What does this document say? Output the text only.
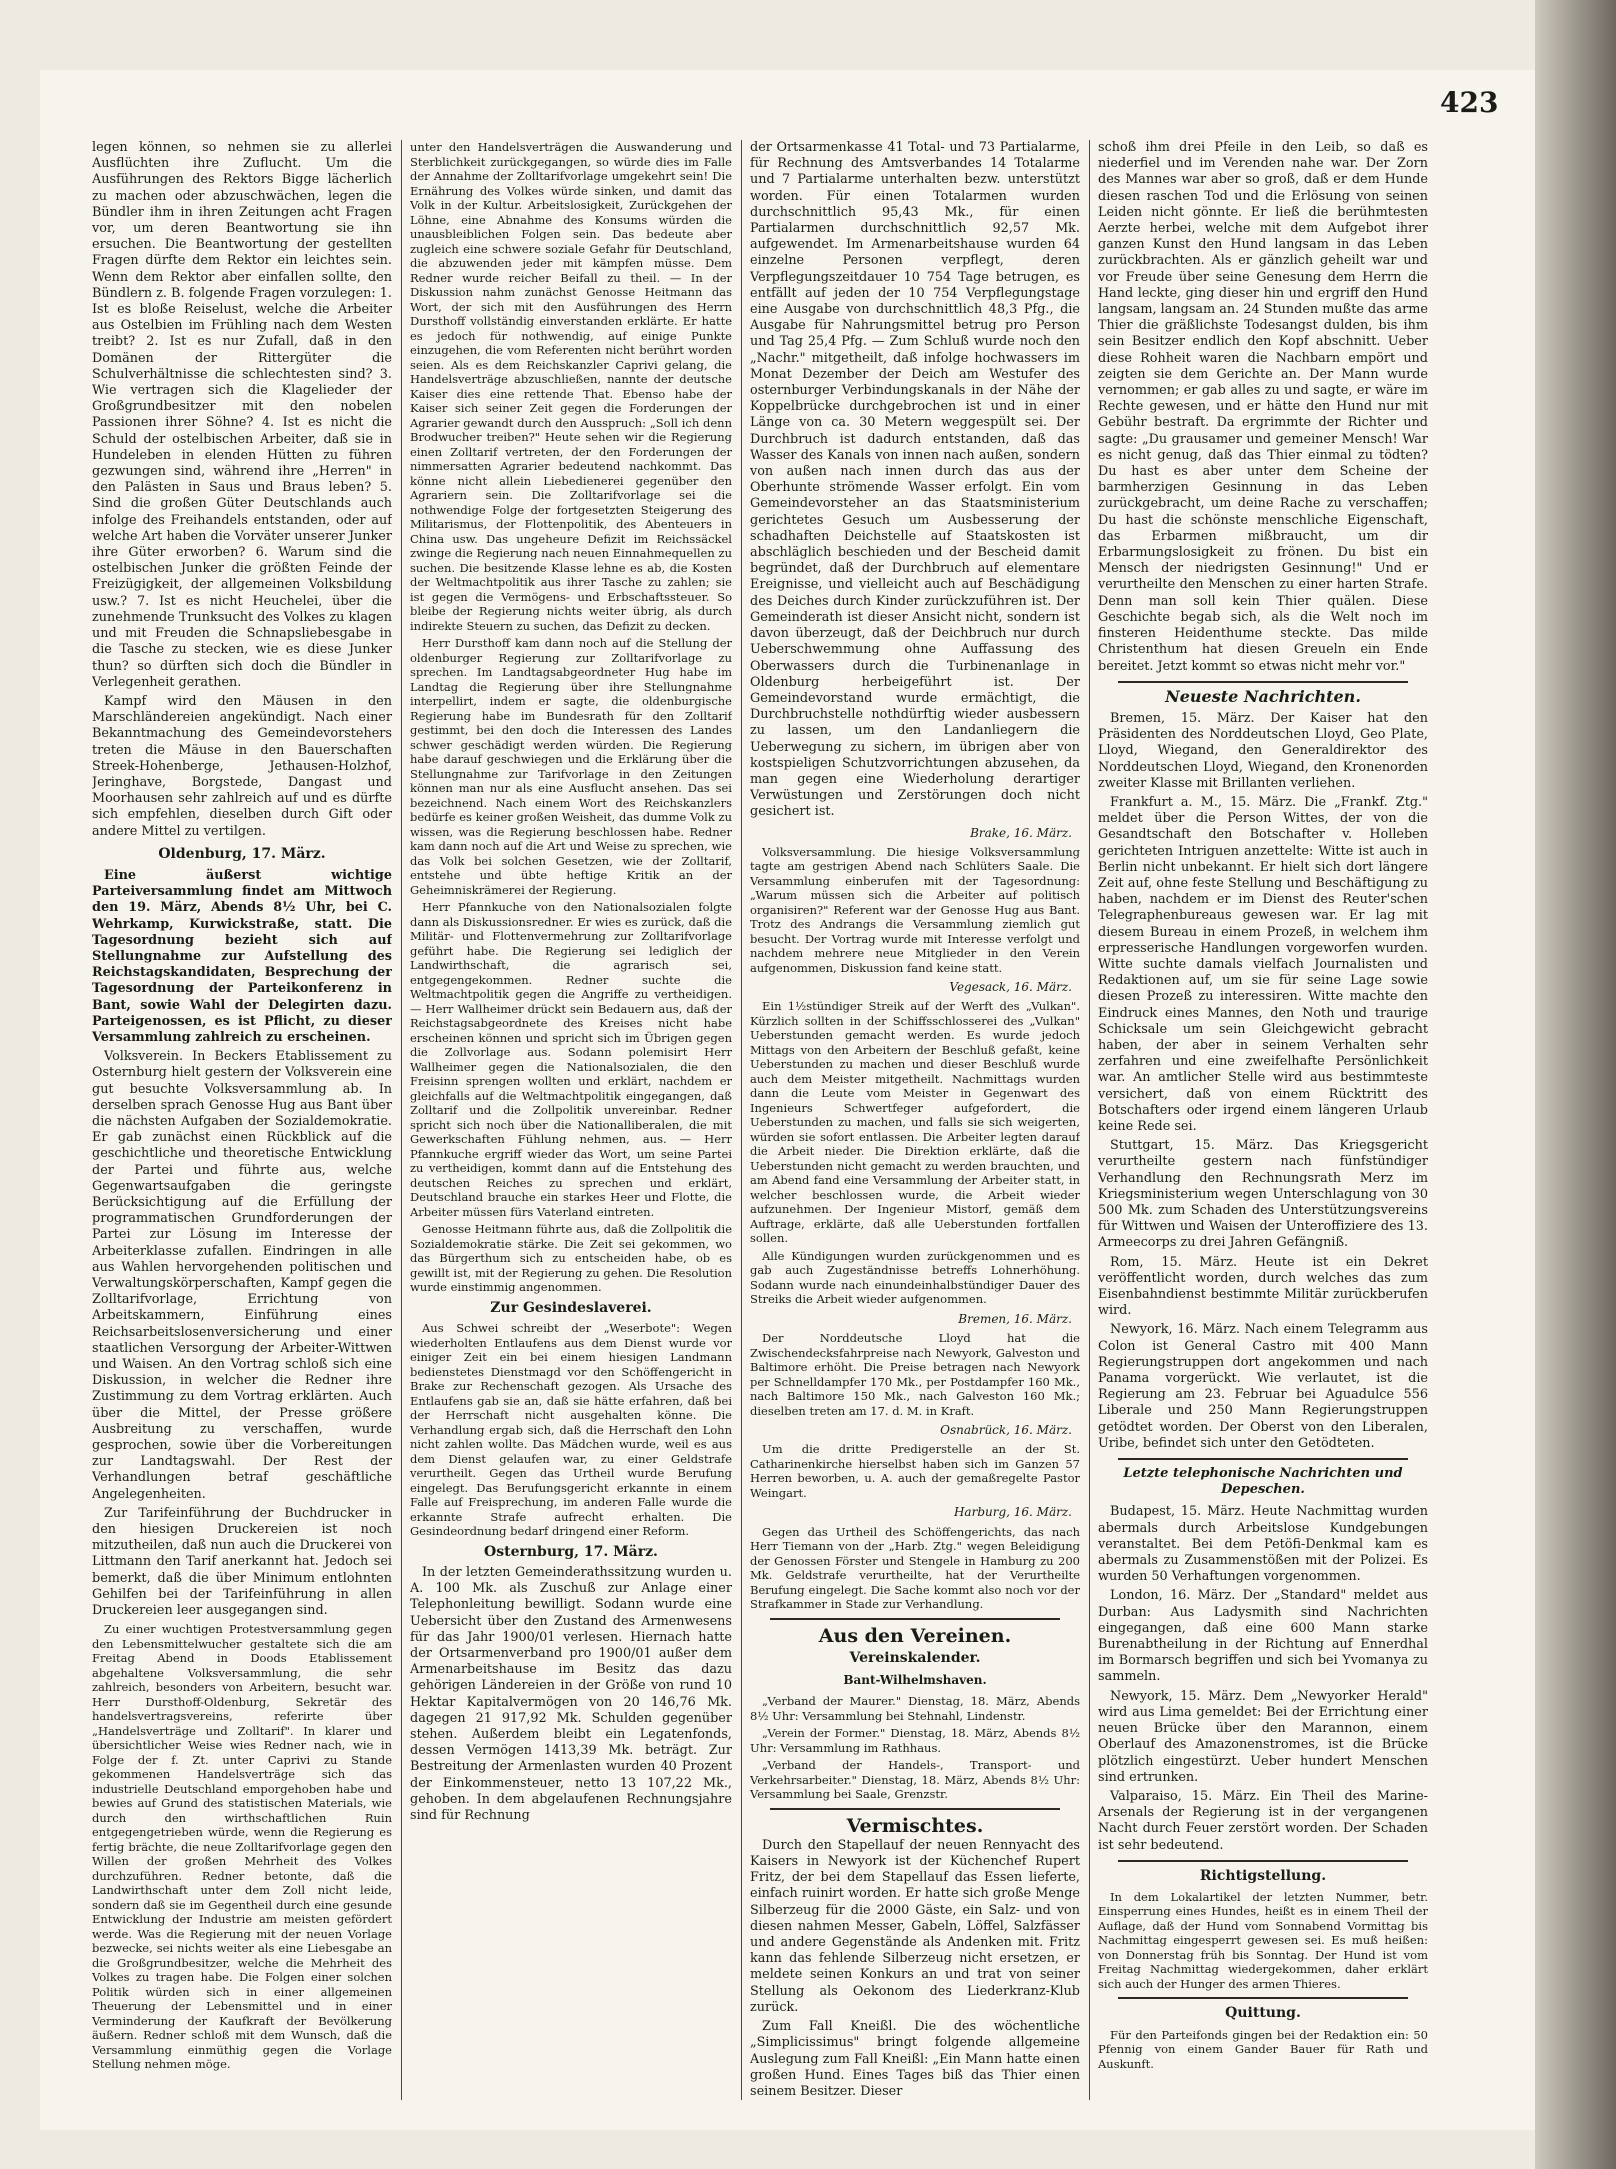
423

legen können, so nehmen sie zu allerlei Ausflüchten ihre Zuflucht. Um die Ausführungen des Rektors Bigge lächerlich zu machen oder abzuschwächen, legen die Bündler ihm in ihren Zeitungen acht Fragen vor, um deren Beantwortung sie ihn ersuchen. Die Beantwortung der gestellten Fragen dürfte dem Rektor ein leichtes sein. Wenn dem Rektor aber einfallen sollte, den Bündlern z. B. folgende Fragen vorzulegen: 1. Ist es bloße Reiselust, welche die Arbeiter aus Ostelbien im Frühling nach dem Westen treibt? 2. Ist es nur Zufall, daß in den Domänen der Rittergüter die Schulverhältnisse die schlechtesten sind? 3. Wie vertragen sich die Klagelieder der Großgrundbesitzer mit den nobelen Passionen ihrer Söhne? 4. Ist es nicht die Schuld der ostelbischen Arbeiter, daß sie in Hundeleben in elenden Hütten zu führen gezwungen sind, während ihre „Herren" in den Palästen in Saus und Braus leben? 5. Sind die großen Güter Deutschlands auch infolge des Freihandels entstanden, oder auf welche Art haben die Vorväter unserer Junker ihre Güter erworben? 6. Warum sind die ostelbischen Junker die größten Feinde der Freizügigkeit, der allgemeinen Volksbildung usw.? 7. Ist es nicht Heuchelei, über die zunehmende Trunksucht des Volkes zu klagen und mit Freuden die Schnapsliebesgabe in die Tasche zu stecken, wie es diese Junker thun? so dürften sich doch die Bündler in Verlegenheit gerathen.

Kampf wird den Mäusen in den Marschländereien angekündigt. Nach einer Bekanntmachung des Gemeindevorstehers treten die Mäuse in den Bauerschaften Streek-Hohenberge, Jethausen-Holzhof, Jeringhave, Borgstede, Dangast und Moorhausen sehr zahlreich auf und es dürfte sich empfehlen, dieselben durch Gift oder andere Mittel zu vertilgen.

Oldenburg, 17. März.

Eine äußerst wichtige Parteiversammlung findet am Mittwoch den 19. März, Abends 8½ Uhr, bei C. Wehrkamp, Kurwickstraße, statt. Die Tagesordnung bezieht sich auf Stellungnahme zur Aufstellung des Reichstagskandidaten, Besprechung der Tagesordnung der Parteikonferenz in Bant, sowie Wahl der Delegirten dazu. Parteigenossen, es ist Pflicht, zu dieser Versammlung zahlreich zu erscheinen.

Volksverein. In Beckers Etablissement zu Osternburg hielt gestern der Volksverein eine gut besuchte Volksversammlung ab. In derselben sprach Genosse Hug aus Bant über die nächsten Aufgaben der Sozialdemokratie. Er gab zunächst einen Rückblick auf die geschichtliche und theoretische Entwicklung der Partei und führte aus, welche Gegenwartsaufgaben die geringste Berücksichtigung auf die Erfüllung der programmatischen Grundforderungen der Partei zur Lösung im Interesse der Arbeiterklasse zufallen. Eindringen in alle aus Wahlen hervorgehenden politischen und Verwaltungskörperschaften, Kampf gegen die Zolltarifvorlage, Errichtung von Arbeitskammern, Einführung eines Reichsarbeitslosenversicherung und einer staatlichen Versorgung der Arbeiter-Wittwen und Waisen. An den Vortrag schloß sich eine Diskussion, in welcher die Redner ihre Zustimmung zu dem Vortrag erklärten. Auch über die Mittel, der Presse größere Ausbreitung zu verschaffen, wurde gesprochen, sowie über die Vorbereitungen zur Landtagswahl. Der Rest der Verhandlungen betraf geschäftliche Angelegenheiten.

Zur Tarifeinführung der Buchdrucker in den hiesigen Druckereien ist noch mitzutheilen, daß nun auch die Druckerei von Littmann den Tarif anerkannt hat. Jedoch sei bemerkt, daß die über Minimum entlohnten Gehilfen bei der Tarifeinführung in allen Druckereien leer ausgegangen sind.

Zu einer wuchtigen Protestversammlung gegen den Lebensmittelwucher gestaltete sich die am Freitag Abend in Doods Etablissement abgehaltene Volksversammlung, die sehr zahlreich, besonders von Arbeitern, besucht war. Herr Dursthoff-Oldenburg, Sekretär des handelsvertragsvereins, referirte über „Handelsverträge und Zolltarif". In klarer und übersichtlicher Weise wies Redner nach, wie in Folge der f. Zt. unter Caprivi zu Stande gekommenen Handelsverträge sich das industrielle Deutschland emporgehoben habe und bewies auf Grund des statistischen Materials, wie durch den wirthschaftlichen Ruin entgegengetrieben würde, wenn die Regierung es fertig brächte, die neue Zolltarifvorlage gegen den Willen der großen Mehrheit des Volkes durchzuführen. Redner betonte, daß die Landwirthschaft unter dem Zoll nicht leide, sondern daß sie im Gegentheil durch eine gesunde Entwicklung der Industrie am meisten gefördert werde. Was die Regierung mit der neuen Vorlage bezwecke, sei nichts weiter als eine Liebesgabe an die Großgrundbesitzer, welche die Mehrheit des Volkes zu tragen habe. Die Folgen einer solchen Politik würden sich in einer allgemeinen Theuerung der Lebensmittel und in einer Verminderung der Kaufkraft der Bevölkerung äußern. Redner schloß mit dem Wunsch, daß die Versammlung einmüthig gegen die Vorlage Stellung nehmen möge.

unter den Handelsverträgen die Auswanderung und Sterblichkeit zurückgegangen, so würde dies im Falle der Annahme der Zolltarifvorlage umgekehrt sein! Die Ernährung des Volkes würde sinken, und damit das Volk in der Kultur. Arbeitslosigkeit, Zurückgehen der Löhne, eine Abnahme des Konsums würden die unausbleiblichen Folgen sein. Das bedeute aber zugleich eine schwere soziale Gefahr für Deutschland, die abzuwenden jeder mit kämpfen müsse. Dem Redner wurde reicher Beifall zu theil. — In der Diskussion nahm zunächst Genosse Heitmann das Wort, der sich mit den Ausführungen des Herrn Dursthoff vollständig einverstanden erklärte. Er hatte es jedoch für nothwendig, auf einige Punkte einzugehen, die vom Referenten nicht berührt worden seien. Als es dem Reichskanzler Caprivi gelang, die Handelsverträge abzuschließen, nannte der deutsche Kaiser dies eine rettende That. Ebenso habe der Kaiser sich seiner Zeit gegen die Forderungen der Agrarier gewandt durch den Ausspruch: „Soll ich denn Brodwucher treiben?" Heute sehen wir die Regierung einen Zolltarif vertreten, der den Forderungen der nimmersatten Agrarier bedeutend nachkommt. Das könne nicht allein Liebedienerei gegenüber den Agrariern sein. Die Zolltarifvorlage sei die nothwendige Folge der fortgesetzten Steigerung des Militarismus, der Flottenpolitik, des Abenteuers in China usw. Das ungeheure Defizit im Reichssäckel zwinge die Regierung nach neuen Einnahmequellen zu suchen. Die besitzende Klasse lehne es ab, die Kosten der Weltmachtpolitik aus ihrer Tasche zu zahlen; sie ist gegen die Vermögens- und Erbschaftssteuer. So bleibe der Regierung nichts weiter übrig, als durch indirekte Steuern zu suchen, das Defizit zu decken.

Herr Dursthoff kam dann noch auf die Stellung der oldenburger Regierung zur Zolltarifvorlage zu sprechen. Im Landtagsabgeordneter Hug habe im Landtag die Regierung über ihre Stellungnahme interpellirt, indem er sagte, die oldenburgische Regierung habe im Bundesrath für den Zolltarif gestimmt, bei den doch die Interessen des Landes schwer geschädigt werden würden. Die Regierung habe darauf geschwiegen und die Erklärung über die Stellungnahme zur Tarifvorlage in den Zeitungen können man nur als eine Ausflucht ansehen. Das sei bezeichnend. Nach einem Wort des Reichskanzlers bedürfe es keiner großen Weisheit, das dumme Volk zu wissen, was die Regierung beschlossen habe. Redner kam dann noch auf die Art und Weise zu sprechen, wie das Volk bei solchen Gesetzen, wie der Zolltarif, entstehe und übte heftige Kritik an der Geheimniskrämerei der Regierung.

Herr Pfannkuche von den Nationalsozialen folgte dann als Diskussionsredner. Er wies es zurück, daß die Militär- und Flottenvermehrung zur Zolltarifvorlage geführt habe. Die Regierung sei lediglich der Landwirthschaft, die agrarisch sei, entgegengekommen. Redner suchte die Weltmachtpolitik gegen die Angriffe zu vertheidigen. — Herr Wallheimer drückt sein Bedauern aus, daß der Reichstagsabgeordnete des Kreises nicht habe erscheinen können und spricht sich im Übrigen gegen die Zollvorlage aus. Sodann polemisirt Herr Wallheimer gegen die Nationalsozialen, die den Freisinn sprengen wollten und erklärt, nachdem er gleichfalls auf die Weltmachtpolitik eingegangen, daß Zolltarif und die Zollpolitik unvereinbar. Redner spricht sich noch über die Nationalliberalen, die mit Gewerkschaften Fühlung nehmen, aus. — Herr Pfannkuche ergriff wieder das Wort, um seine Partei zu vertheidigen, kommt dann auf die Entstehung des deutschen Reiches zu sprechen und erklärt, Deutschland brauche ein starkes Heer und Flotte, die Arbeiter müssen fürs Vaterland eintreten.

Genosse Heitmann führte aus, daß die Zollpolitik die Sozialdemokratie stärke. Die Zeit sei gekommen, wo das Bürgerthum sich zu entscheiden habe, ob es gewillt ist, mit der Regierung zu gehen. Die Resolution wurde einstimmig angenommen.

Zur Gesindeslaverei.

Aus Schwei schreibt der „Weserbote": Wegen wiederholten Entlaufens aus dem Dienst wurde vor einiger Zeit ein bei einem hiesigen Landmann bedienstetes Dienstmagd vor den Schöffengericht in Brake zur Rechenschaft gezogen. Als Ursache des Entlaufens gab sie an, daß sie hätte erfahren, daß bei der Herrschaft nicht ausgehalten könne. Die Verhandlung ergab sich, daß die Herrschaft den Lohn nicht zahlen wollte. Das Mädchen wurde, weil es aus dem Dienst gelaufen war, zu einer Geldstrafe verurtheilt. Gegen das Urtheil wurde Berufung eingelegt. Das Berufungsgericht erkannte in einem Falle auf Freisprechung, im anderen Falle wurde die erkannte Strafe aufrecht erhalten. Die Gesindeordnung bedarf dringend einer Reform.

Osternburg, 17. März.

In der letzten Gemeinderathssitzung wurden u. A. 100 Mk. als Zuschuß zur Anlage einer Telephonleitung bewilligt. Sodann wurde eine Uebersicht über den Zustand des Armenwesens für das Jahr 1900/01 verlesen. Hiernach hatte der Ortsarmenverband pro 1900/01 außer dem Armenarbeitshause im Besitz das dazu gehörigen Ländereien in der Größe von rund 10 Hektar Kapitalvermögen von 20 146,76 Mk. dagegen 21 917,92 Mk. Schulden gegenüber stehen. Außerdem bleibt ein Legatenfonds, dessen Vermögen 1413,39 Mk. beträgt. Zur Bestreitung der Armenlasten wurden 40 Prozent der Einkommensteuer, netto 13 107,22 Mk., gehoben. In dem abgelaufenen Rechnungsjahre sind für Rechnung

der Ortsarmenkasse 41 Total- und 73 Partialarme, für Rechnung des Amtsverbandes 14 Totalarme und 7 Partialarme unterhalten bezw. unterstützt worden. Für einen Totalarmen wurden durchschnittlich 95,43 Mk., für einen Partialarmen durchschnittlich 92,57 Mk. aufgewendet. Im Armenarbeitshause wurden 64 einzelne Personen verpflegt, deren Verpflegungszeitdauer 10 754 Tage betrugen, es entfällt auf jeden der 10 754 Verpflegungstage eine Ausgabe von durchschnittlich 48,3 Pfg., die Ausgabe für Nahrungsmittel betrug pro Person und Tag 25,4 Pfg. — Zum Schluß wurde noch den „Nachr." mitgetheilt, daß infolge hochwassers im Monat Dezember der Deich am Westufer des osternburger Verbindungskanals in der Nähe der Koppelbrücke durchgebrochen ist und in einer Länge von ca. 30 Metern weggespült sei. Der Durchbruch ist dadurch entstanden, daß das Wasser des Kanals von innen nach außen, sondern von außen nach innen durch das aus der Oberhunte strömende Wasser erfolgt. Ein vom Gemeindevorsteher an das Staatsministerium gerichtetes Gesuch um Ausbesserung der schadhaften Deichstelle auf Staatskosten ist abschläglich beschieden und der Bescheid damit begründet, daß der Durchbruch auf elementare Ereignisse, und vielleicht auch auf Beschädigung des Deiches durch Kinder zurückzuführen ist. Der Gemeinderath ist dieser Ansicht nicht, sondern ist davon überzeugt, daß der Deichbruch nur durch Ueberschwemmung ohne Auffassung des Oberwassers durch die Turbinenanlage in Oldenburg herbeigeführt ist. Der Gemeindevorstand wurde ermächtigt, die Durchbruchstelle nothdürftig wieder ausbessern zu lassen, um den Landanliegern die Ueberwegung zu sichern, im übrigen aber von kostspieligen Schutzvorrichtungen abzusehen, da man gegen eine Wiederholung derartiger Verwüstungen und Zerstörungen doch nicht gesichert ist.

Brake, 16. März.

Volksversammlung. Die hiesige Volksversammlung tagte am gestrigen Abend nach Schlüters Saale. Die Versammlung einberufen mit der Tagesordnung: „Warum müssen sich die Arbeiter auf politisch organisiren?" Referent war der Genosse Hug aus Bant. Trotz des Andrangs die Versammlung ziemlich gut besucht. Der Vortrag wurde mit Interesse verfolgt und nachdem mehrere neue Mitglieder in den Verein aufgenommen, Diskussion fand keine statt.

Vegesack, 16. März.

Ein 1½stündiger Streik auf der Werft des „Vulkan". Kürzlich sollten in der Schiffsschlosserei des „Vulkan" Ueberstunden gemacht werden. Es wurde jedoch Mittags von den Arbeitern der Beschluß gefaßt, keine Ueberstunden zu machen und dieser Beschluß wurde auch dem Meister mitgetheilt. Nachmittags wurden dann die Leute vom Meister in Gegenwart des Ingenieurs Schwertfeger aufgefordert, die Ueberstunden zu machen, und falls sie sich weigerten, würden sie sofort entlassen. Die Arbeiter legten darauf die Arbeit nieder. Die Direktion erklärte, daß die Ueberstunden nicht gemacht zu werden brauchten, und am Abend fand eine Versammlung der Arbeiter statt, in welcher beschlossen wurde, die Arbeit wieder aufzunehmen. Der Ingenieur Mistorf, gemäß dem Auftrage, erklärte, daß alle Ueberstunden fortfallen sollen.

Alle Kündigungen wurden zurückgenommen und es gab auch Zugeständnisse betreffs Lohnerhöhung. Sodann wurde nach einundeinhalbstündiger Dauer des Streiks die Arbeit wieder aufgenommen.

Bremen, 16. März.

Der Norddeutsche Lloyd hat die Zwischendecksfahrpreise nach Newyork, Galveston und Baltimore erhöht. Die Preise betragen nach Newyork per Schnelldampfer 170 Mk., per Postdampfer 160 Mk., nach Baltimore 150 Mk., nach Galveston 160 Mk.; dieselben treten am 17. d. M. in Kraft.

Osnabrück, 16. März.

Um die dritte Predigerstelle an der St. Catharinenkirche hierselbst haben sich im Ganzen 57 Herren beworben, u. A. auch der gemaßregelte Pastor Weingart.

Harburg, 16. März.

Gegen das Urtheil des Schöffengerichts, das nach Herr Tiemann von der „Harb. Ztg." wegen Beleidigung der Genossen Förster und Stengele in Hamburg zu 200 Mk. Geldstrafe verurtheilte, hat der Verurtheilte Berufung eingelegt. Die Sache kommt also noch vor der Strafkammer in Stade zur Verhandlung.

Aus den Vereinen.
Vereinskalender.
Bant-Wilhelmshaven.

„Verband der Maurer." Dienstag, 18. März, Abends 8½ Uhr: Versammlung bei Stehnahl, Lindenstr.

„Verein der Former." Dienstag, 18. März, Abends 8½ Uhr: Versammlung im Rathhaus.

„Verband der Handels-, Transport- und Verkehrsarbeiter." Dienstag, 18. März, Abends 8½ Uhr: Versammlung bei Saale, Grenzstr.

Vermischtes.

Durch den Stapellauf der neuen Rennyacht des Kaisers in Newyork ist der Küchenchef Rupert Fritz, der bei dem Stapellauf das Essen lieferte, einfach ruinirt worden. Er hatte sich große Menge Silberzeug für die 2000 Gäste, ein Salz- und von diesen nahmen Messer, Gabeln, Löffel, Salzfässer und andere Gegenstände als Andenken mit. Fritz kann das fehlende Silberzeug nicht ersetzen, er meldete seinen Konkurs an und trat von seiner Stellung als Oekonom des Liederkranz-Klub zurück.

Zum Fall Kneißl. Die des wöchentliche „Simplicissimus" bringt folgende allgemeine Auslegung zum Fall Kneißl: „Ein Mann hatte einen großen Hund. Eines Tages biß das Thier einen seinem Besitzer. Dieser

schoß ihm drei Pfeile in den Leib, so daß es niederfiel und im Verenden nahe war. Der Zorn des Mannes war aber so groß, daß er dem Hunde diesen raschen Tod und die Erlösung von seinen Leiden nicht gönnte. Er ließ die berühmtesten Aerzte herbei, welche mit dem Aufgebot ihrer ganzen Kunst den Hund langsam in das Leben zurückbrachten. Als er gänzlich geheilt war und vor Freude über seine Genesung dem Herrn die Hand leckte, ging dieser hin und ergriff den Hund langsam, langsam an. 24 Stunden mußte das arme Thier die gräßlichste Todesangst dulden, bis ihm sein Besitzer endlich den Kopf abschnitt. Ueber diese Rohheit waren die Nachbarn empört und zeigten sie dem Gerichte an. Der Mann wurde vernommen; er gab alles zu und sagte, er wäre im Rechte gewesen, und er hätte den Hund nur mit Gebühr bestraft. Da ergrimmte der Richter und sagte: „Du grausamer und gemeiner Mensch! War es nicht genug, daß das Thier einmal zu tödten? Du hast es aber unter dem Scheine der barmherzigen Gesinnung in das Leben zurückgebracht, um deine Rache zu verschaffen; Du hast die schönste menschliche Eigenschaft, das Erbarmen mißbraucht, um dir Erbarmungslosigkeit zu frönen. Du bist ein Mensch der niedrigsten Gesinnung!" Und er verurtheilte den Menschen zu einer harten Strafe. Denn man soll kein Thier quälen. Diese Geschichte begab sich, als die Welt noch im finsteren Heidenthume steckte. Das milde Christenthum hat diesen Greueln ein Ende bereitet. Jetzt kommt so etwas nicht mehr vor."

Neueste Nachrichten.

Bremen, 15. März. Der Kaiser hat den Präsidenten des Norddeutschen Lloyd, Geo Plate, Lloyd, Wiegand, den Generaldirektor des Norddeutschen Lloyd, Wiegand, den Kronenorden zweiter Klasse mit Brillanten verliehen.

Frankfurt a. M., 15. März. Die „Frankf. Ztg." meldet über die Person Wittes, der von die Gesandtschaft den Botschafter v. Holleben gerichteten Intriguen anzettelte: Witte ist auch in Berlin nicht unbekannt. Er hielt sich dort längere Zeit auf, ohne feste Stellung und Beschäftigung zu haben, nachdem er im Dienst des Reuter'schen Telegraphenbureaus gewesen war. Er lag mit diesem Bureau in einem Prozeß, in welchem ihm erpresserische Handlungen vorgeworfen wurden. Witte suchte damals vielfach Journalisten und Redaktionen auf, um sie für seine Lage sowie diesen Prozeß zu interessiren. Witte machte den Eindruck eines Mannes, den Noth und traurige Schicksale um sein Gleichgewicht gebracht haben, der aber in seinem Verhalten sehr zerfahren und eine zweifelhafte Persönlichkeit war. An amtlicher Stelle wird aus bestimmteste versichert, daß von einem Rücktritt des Botschafters oder irgend einem längeren Urlaub keine Rede sei.

Stuttgart, 15. März. Das Kriegsgericht verurtheilte gestern nach fünfstündiger Verhandlung den Rechnungsrath Merz im Kriegsministerium wegen Unterschlagung von 30 500 Mk. zum Schaden des Unterstützungsvereins für Wittwen und Waisen der Unteroffiziere des 13. Armeecorps zu drei Jahren Gefängniß.

Rom, 15. März. Heute ist ein Dekret veröffentlicht worden, durch welches das zum Eisenbahndienst bestimmte Militär zurückberufen wird.

Newyork, 16. März. Nach einem Telegramm aus Colon ist General Castro mit 400 Mann Regierungstruppen dort angekommen und nach Panama vorgerückt. Wie verlautet, ist die Regierung am 23. Februar bei Aguadulce 556 Liberale und 250 Mann Regierungstruppen getödtet worden. Der Oberst von den Liberalen, Uribe, befindet sich unter den Getödteten.

Letzte telephonische Nachrichten und Depeschen.

Budapest, 15. März. Heute Nachmittag wurden abermals durch Arbeitslose Kundgebungen veranstaltet. Bei dem Petöfi-Denkmal kam es abermals zu Zusammenstößen mit der Polizei. Es wurden 50 Verhaftungen vorgenommen.

London, 16. März. Der „Standard" meldet aus Durban: Aus Ladysmith sind Nachrichten eingegangen, daß eine 600 Mann starke Burenabtheilung in der Richtung auf Ennerdhal im Bormarsch begriffen und sich bei Yvomanya zu sammeln.

Newyork, 15. März. Dem „Newyorker Herald" wird aus Lima gemeldet: Bei der Errichtung einer neuen Brücke über den Marannon, einem Oberlauf des Amazonenstromes, ist die Brücke plötzlich eingestürzt. Ueber hundert Menschen sind ertrunken.

Valparaiso, 15. März. Ein Theil des Marine-Arsenals der Regierung ist in der vergangenen Nacht durch Feuer zerstört worden. Der Schaden ist sehr bedeutend.

Richtigstellung.

In dem Lokalartikel der letzten Nummer, betr. Einsperrung eines Hundes, heißt es in einem Theil der Auflage, daß der Hund vom Sonnabend Vormittag bis Nachmittag eingesperrt gewesen sei. Es muß heißen: von Donnerstag früh bis Sonntag. Der Hund ist vom Freitag Nachmittag wiedergekommen, daher erklärt sich auch der Hunger des armen Thieres.

Quittung.

Für den Parteifonds gingen bei der Redaktion ein: 50 Pfennig von einem Gander Bauer für Rath und Auskunft.
